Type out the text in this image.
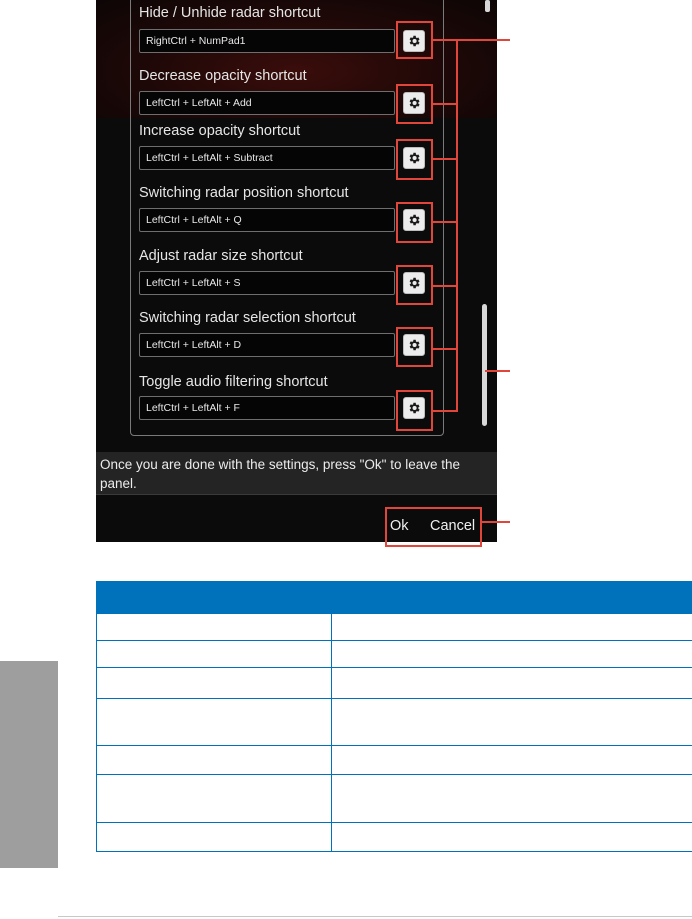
Hide / Unhide radar shortcut
RightCtrl + NumPad1
Decrease opacity shortcut
LeftCtrl + LeftAlt + Add
Increase opacity shortcut
LeftCtrl + LeftAlt + Subtract
Switching radar position shortcut
LeftCtrl + LeftAlt + Q
Adjust radar size shortcut
LeftCtrl + LeftAlt + S
Switching radar selection shortcut
LeftCtrl + LeftAlt + D
Toggle audio filtering shortcut
LeftCtrl + LeftAlt + F
Once you are done with the settings, press "Ok" to leave the panel.
Ok Cancel
